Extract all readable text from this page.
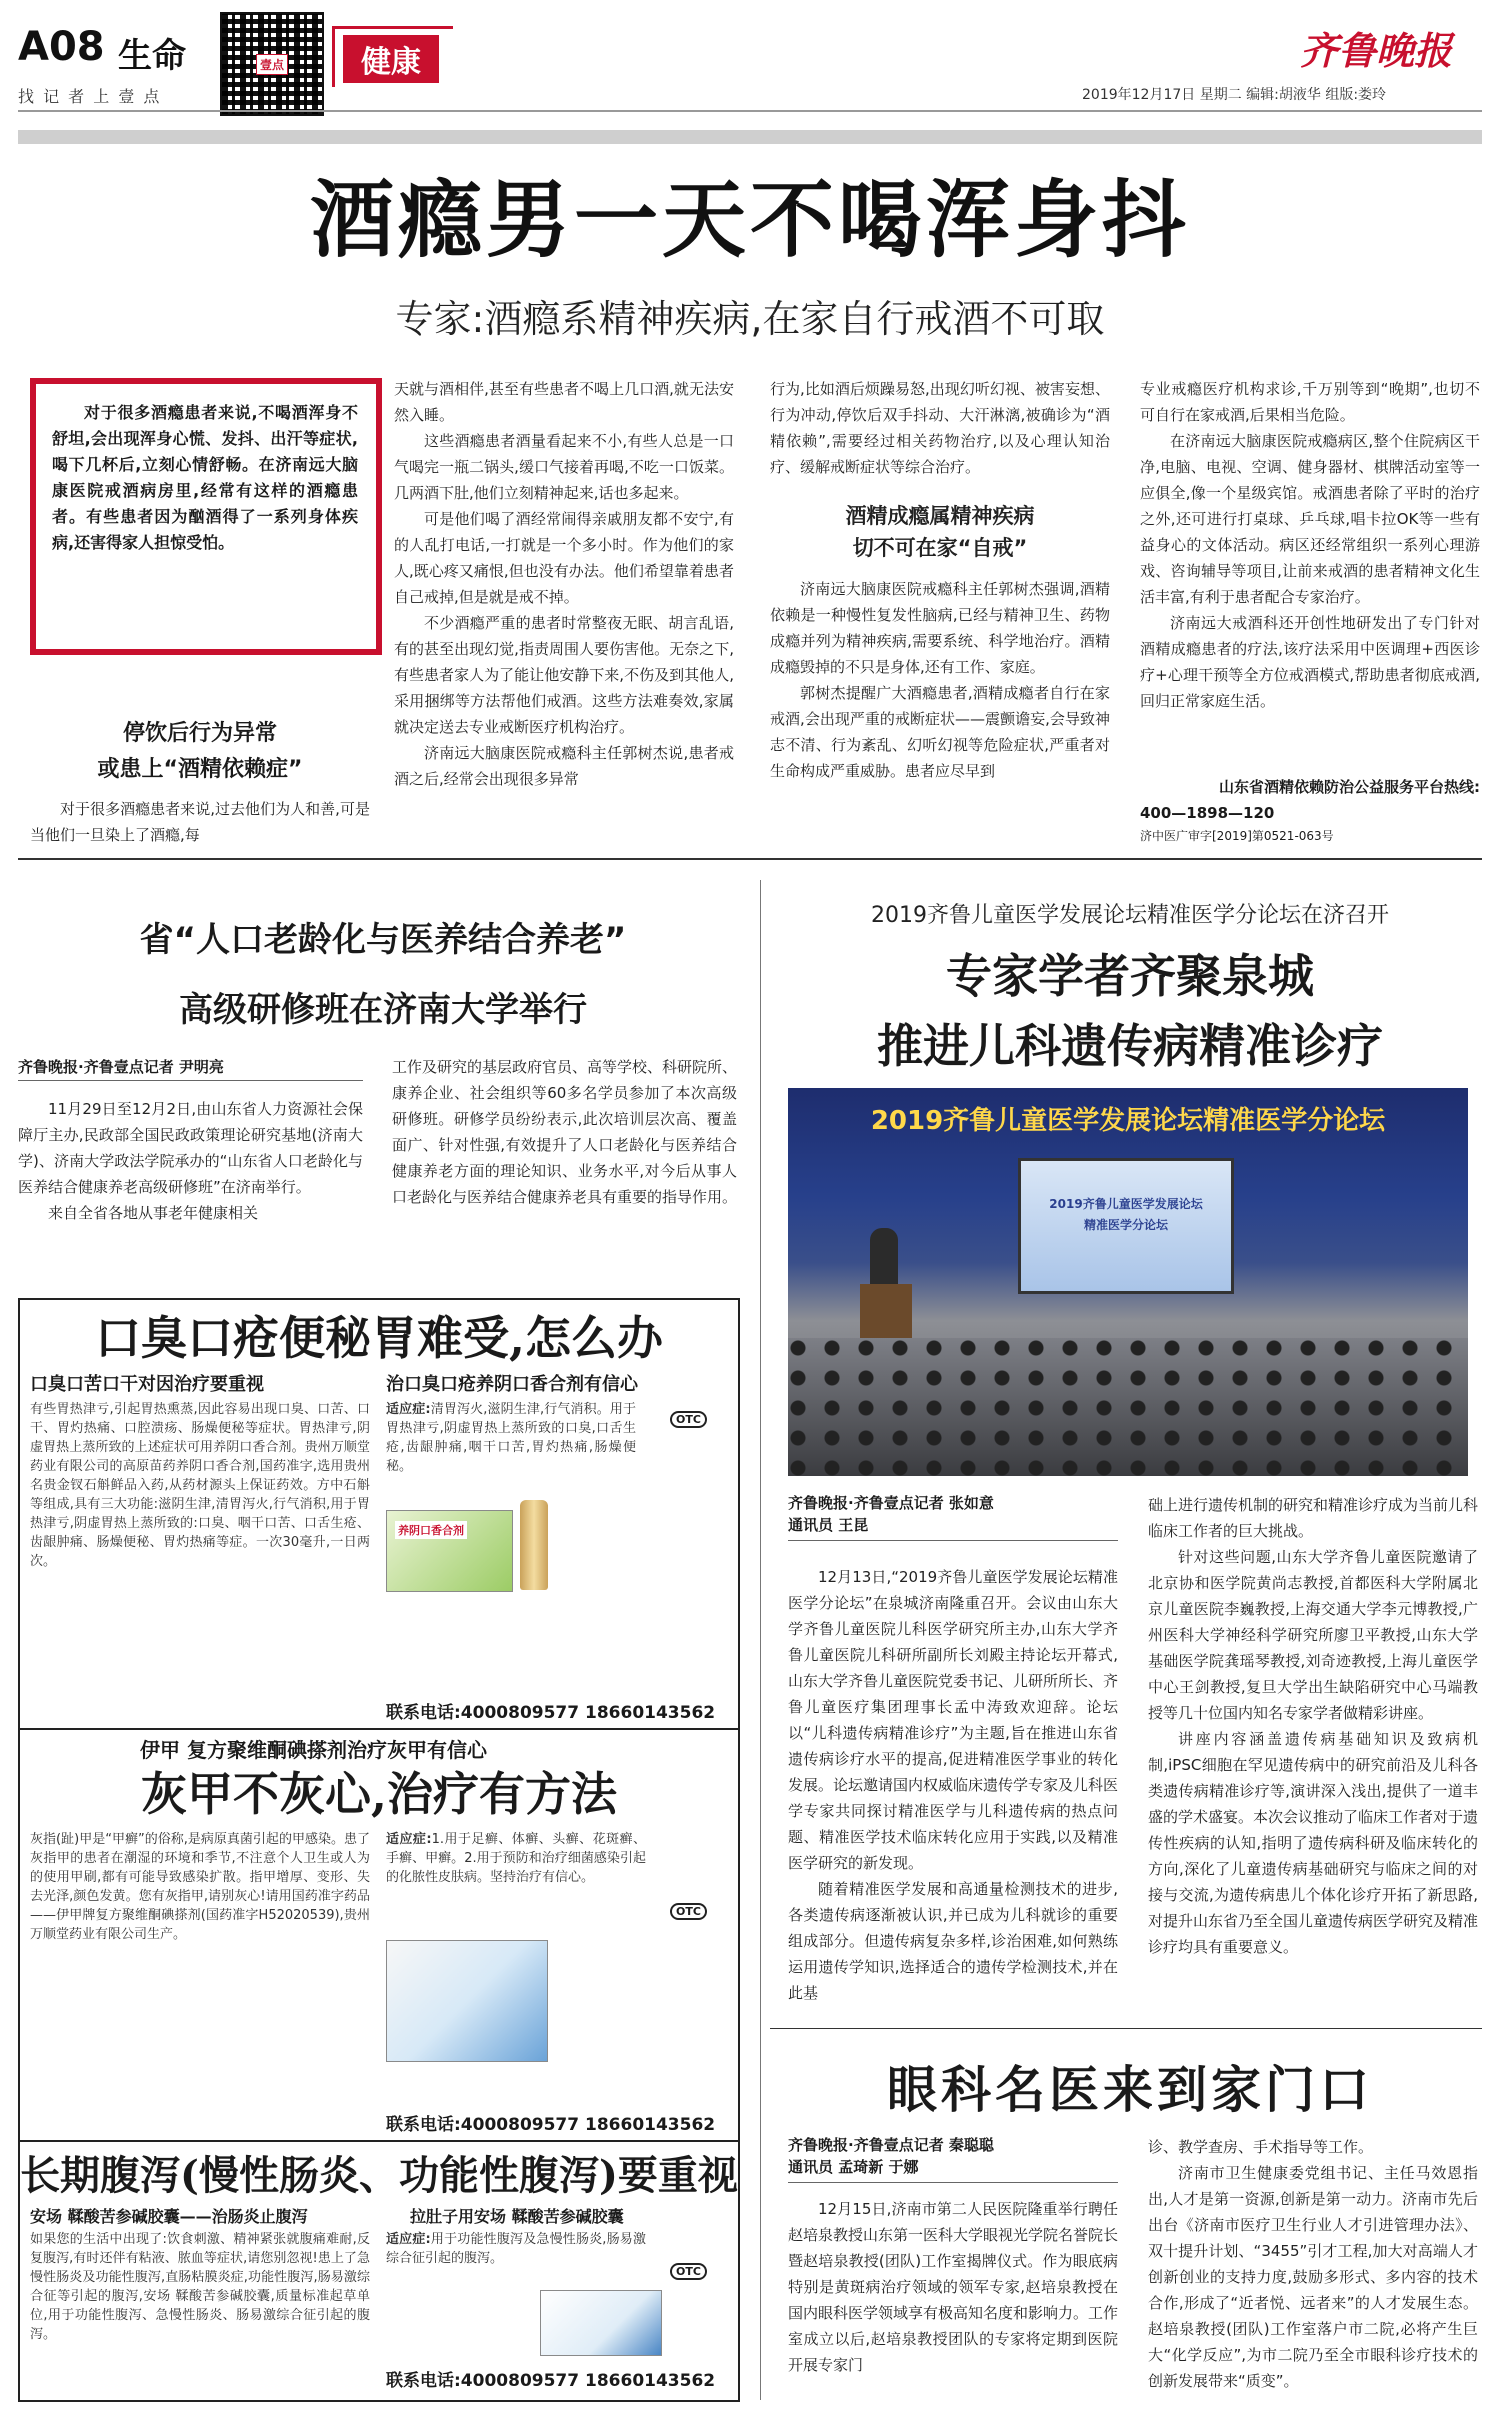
A08 生命
找 记 者 上 壹 点
壹点	健康	齐鲁晚报
2019年12月17日 星期二 编辑:胡液华 组版:娄玲
酒瘾男一天不喝浑身抖
专家:酒瘾系精神疾病,在家自行戒酒不可取
对于很多酒瘾患者来说,不喝酒浑身不舒坦,会出现浑身心慌、发抖、出汗等症状,喝下几杯后,立刻心情舒畅。在济南远大脑康医院戒酒病房里,经常有这样的酒瘾患者。有些患者因为酗酒得了一系列身体疾病,还害得家人担惊受怕。
停饮后行为异常
或患上“酒精依赖症”

对于很多酒瘾患者来说,过去他们为人和善,可是当他们一旦染上了酒瘾,每

天就与酒相伴,甚至有些患者不喝上几口酒,就无法安然入睡。

这些酒瘾患者酒量看起来不小,有些人总是一口气喝完一瓶二锅头,缓口气接着再喝,不吃一口饭菜。几两酒下肚,他们立刻精神起来,话也多起来。

可是他们喝了酒经常闹得亲戚朋友都不安宁,有的人乱打电话,一打就是一个多小时。作为他们的家人,既心疼又痛恨,但也没有办法。他们希望靠着患者自己戒掉,但是就是戒不掉。

不少酒瘾严重的患者时常整夜无眠、胡言乱语,有的甚至出现幻觉,指责周围人要伤害他。无奈之下,有些患者家人为了能让他安静下来,不伤及到其他人,采用捆绑等方法帮他们戒酒。这些方法难奏效,家属就决定送去专业戒断医疗机构治疗。

济南远大脑康医院戒瘾科主任郭树杰说,患者戒酒之后,经常会出现很多异常

行为,比如酒后烦躁易怒,出现幻听幻视、被害妄想、行为冲动,停饮后双手抖动、大汗淋漓,被确诊为“酒精依赖”,需要经过相关药物治疗,以及心理认知治疗、缓解戒断症状等综合治疗。

酒精成瘾属精神疾病
切不可在家“自戒”

济南远大脑康医院戒瘾科主任郭树杰强调,酒精依赖是一种慢性复发性脑病,已经与精神卫生、药物成瘾并列为精神疾病,需要系统、科学地治疗。酒精成瘾毁掉的不只是身体,还有工作、家庭。

郭树杰提醒广大酒瘾患者,酒精成瘾者自行在家戒酒,会出现严重的戒断症状——震颤谵妄,会导致神志不清、行为紊乱、幻听幻视等危险症状,严重者对生命构成严重威胁。患者应尽早到

专业戒瘾医疗机构求诊,千万别等到“晚期”,也切不可自行在家戒酒,后果相当危险。

在济南远大脑康医院戒瘾病区,整个住院病区干净,电脑、电视、空调、健身器材、棋牌活动室等一应俱全,像一个星级宾馆。戒酒患者除了平时的治疗之外,还可进行打桌球、乒乓球,唱卡拉OK等一些有益身心的文体活动。病区还经常组织一系列心理游戏、咨询辅导等项目,让前来戒酒的患者精神文化生活丰富,有利于患者配合专家治疗。

济南远大戒酒科还开创性地研发出了专门针对酒精成瘾患者的疗法,该疗法采用中医调理+西医诊疗+心理干预等全方位戒酒模式,帮助患者彻底戒酒,回归正常家庭生活。

山东省酒精依赖防治公益服务平台热线:
400—1898—120
济中医广审字[2019]第0521-063号
省“人口老龄化与医养结合养老”
高级研修班在济南大学举行
齐鲁晚报·齐鲁壹点记者 尹明亮

11月29日至12月2日,由山东省人力资源社会保障厅主办,民政部全国民政政策理论研究基地(济南大学)、济南大学政法学院承办的“山东省人口老龄化与医养结合健康养老高级研修班”在济南举行。

来自全省各地从事老年健康相关

工作及研究的基层政府官员、高等学校、科研院所、康养企业、社会组织等60多名学员参加了本次高级研修班。研修学员纷纷表示,此次培训层次高、覆盖面广、针对性强,有效提升了人口老龄化与医养结合健康养老方面的理论知识、业务水平,对今后从事人口老龄化与医养结合健康养老具有重要的指导作用。

口臭口疮便秘胃难受,怎么办
口臭口苦口干对因治疗要重视	治口臭口疮养阴口香合剂有信心

有些胃热津亏,引起胃热熏蒸,因此容易出现口臭、口苦、口干、胃灼热痛、口腔溃疡、肠燥便秘等症状。胃热津亏,阴虚胃热上蒸所致的上述症状可用养阴口香合剂。贵州万顺堂药业有限公司的高原苗药养阴口香合剂,国药准字,选用贵州名贵金钗石斛鲜品入药,从药材源头上保证药效。方中石斛等组成,具有三大功能:滋阴生津,清胃泻火,行气消积,用于胃热津亏,阴虚胃热上蒸所致的:口臭、咽干口苦、口舌生疮、齿龈肿痛、肠燥便秘、胃灼热痛等症。一次30毫升,一日两次。

适应症:清胃泻火,滋阴生津,行气消积。用于胃热津亏,阴虚胃热上蒸所致的口臭,口舌生疮,齿龈肿痛,咽干口苦,胃灼热痛,肠燥便秘。

OTC
养阴口香合剂
联系电话:4000809577 18660143562
伊甲 复方聚维酮碘搽剂治疗灰甲有信心
灰甲不灰心,治疗有方法

灰指(趾)甲是“甲癣”的俗称,是病原真菌引起的甲感染。患了灰指甲的患者在潮湿的环境和季节,不注意个人卫生或人为的使用甲刷,都有可能导致感染扩散。指甲增厚、变形、失去光泽,颜色发黄。您有灰指甲,请别灰心!请用国药准字药品——伊甲牌复方聚维酮碘搽剂(国药准字H52020539),贵州万顺堂药业有限公司生产。

适应症:1.用于足癣、体癣、头癣、花斑癣、手癣、甲癣。2.用于预防和治疗细菌感染引起的化脓性皮肤病。坚持治疗有信心。

OTC
联系电话:4000809577 18660143562
长期腹泻(慢性肠炎、功能性腹泻)要重视
安场 鞣酸苦参碱胶囊——治肠炎止腹泻	拉肚子用安场 鞣酸苦参碱胶囊

如果您的生活中出现了:饮食刺激、精神紧张就腹痛难耐,反复腹泻,有时还伴有粘液、脓血等症状,请您别忽视!患上了急慢性肠炎及功能性腹泻,直肠粘膜炎症,功能性腹泻,肠易激综合征等引起的腹泻,安场 鞣酸苦参碱胶囊,质量标准起草单位,用于功能性腹泻、急慢性肠炎、肠易激综合征引起的腹泻。

适应症:用于功能性腹泻及急慢性肠炎,肠易激综合征引起的腹泻。

OTC
联系电话:4000809577 18660143562
2019齐鲁儿童医学发展论坛精准医学分论坛在济召开
专家学者齐聚泉城
推进儿科遗传病精准诊疗
2019齐鲁儿童医学发展论坛精准医学分论坛
2019齐鲁儿童医学发展论坛
精准医学分论坛
齐鲁晚报·齐鲁壹点记者 张如意
通讯员 王昆

12月13日,“2019齐鲁儿童医学发展论坛精准医学分论坛”在泉城济南隆重召开。会议由山东大学齐鲁儿童医院儿科医学研究所主办,山东大学齐鲁儿童医院儿科研所副所长刘殿主持论坛开幕式,山东大学齐鲁儿童医院党委书记、儿研所所长、齐鲁儿童医疗集团理事长孟中涛致欢迎辞。论坛以“儿科遗传病精准诊疗”为主题,旨在推进山东省遗传病诊疗水平的提高,促进精准医学事业的转化发展。论坛邀请国内权威临床遗传学专家及儿科医学专家共同探讨精准医学与儿科遗传病的热点问题、精准医学技术临床转化应用于实践,以及精准医学研究的新发现。

随着精准医学发展和高通量检测技术的进步,各类遗传病逐渐被认识,并已成为儿科就诊的重要组成部分。但遗传病复杂多样,诊治困难,如何熟练运用遗传学知识,选择适合的遗传学检测技术,并在此基

础上进行遗传机制的研究和精准诊疗成为当前儿科临床工作者的巨大挑战。

针对这些问题,山东大学齐鲁儿童医院邀请了北京协和医学院黄尚志教授,首都医科大学附属北京儿童医院李巍教授,上海交通大学李元博教授,广州医科大学神经科学研究所廖卫平教授,山东大学基础医学院龚瑶琴教授,刘奇迹教授,上海儿童医学中心王剑教授,复旦大学出生缺陷研究中心马端教授等几十位国内知名专家学者做精彩讲座。

讲座内容涵盖遗传病基础知识及致病机制,iPSC细胞在罕见遗传病中的研究前沿及儿科各类遗传病精准诊疗等,演讲深入浅出,提供了一道丰盛的学术盛宴。本次会议推动了临床工作者对于遗传性疾病的认知,指明了遗传病科研及临床转化的方向,深化了儿童遗传病基础研究与临床之间的对接与交流,为遗传病患儿个体化诊疗开拓了新思路,对提升山东省乃至全国儿童遗传病医学研究及精准诊疗均具有重要意义。

眼科名医来到家门口
齐鲁晚报·齐鲁壹点记者 秦聪聪
通讯员 孟琦新 于娜

12月15日,济南市第二人民医院隆重举行聘任赵培泉教授山东第一医科大学眼视光学院名誉院长暨赵培泉教授(团队)工作室揭牌仪式。作为眼底病特别是黄斑病治疗领域的领军专家,赵培泉教授在国内眼科医学领域享有极高知名度和影响力。工作室成立以后,赵培泉教授团队的专家将定期到医院开展专家门

诊、教学查房、手术指导等工作。

济南市卫生健康委党组书记、主任马效恩指出,人才是第一资源,创新是第一动力。济南市先后出台《济南市医疗卫生行业人才引进管理办法》、双十提升计划、“3455”引才工程,加大对高端人才创新创业的支持力度,鼓励多形式、多内容的技术合作,形成了“近者悦、远者来”的人才发展生态。赵培泉教授(团队)工作室落户市二院,必将产生巨大“化学反应”,为市二院乃至全市眼科诊疗技术的创新发展带来“质变”。
